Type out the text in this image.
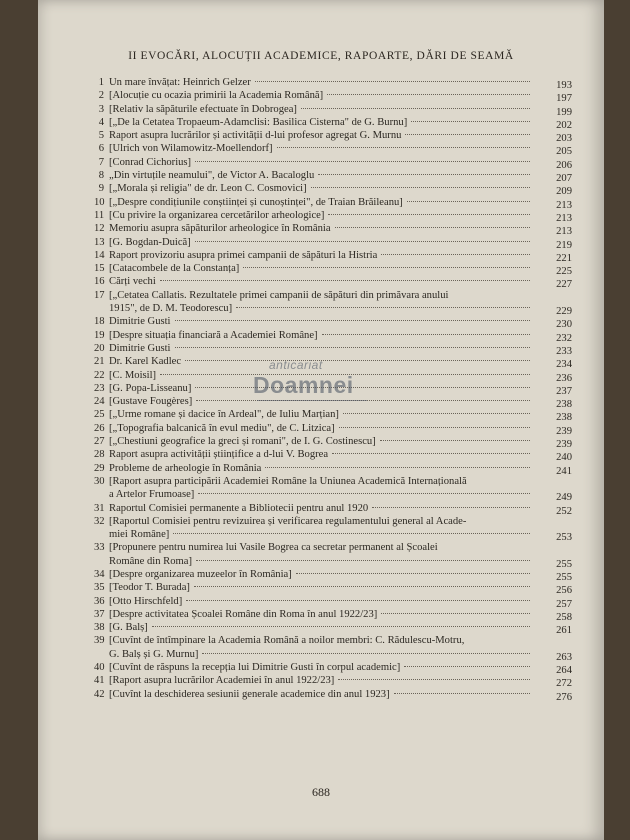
II EVOCĂRI, ALOCUȚII ACADEMICE, RAPOARTE, DĂRI DE SEAMĂ
1 Un mare învățat: Heinrich Gelzer	193
2 [Alocuție cu ocazia primirii la Academia Română]	197
3 [Relativ la săpăturile efectuate în Dobrogea]	199
4 [„De la Cetatea Tropaeum-Adamclisi: Basilica Cisterna" de G. Burnu]	202
5 Raport asupra lucrărilor și activității d-lui profesor agregat G. Murnu	203
6 [Ulrich von Wilamowitz-Moellendorf]	205
7 [Conrad Cichorius]	206
8 „Din virtuțile neamului", de Victor A. Bacaloglu	207
9 [„Morala și religia" de dr. Leon C. Cosmovici]	209
10 [„Despre condițiunile conștiinței și cunoștinței", de Traian Brăileanu]	213
11 [Cu privire la organizarea cercetărilor arheologice]	213
12 Memoriu asupra săpăturilor arheologice în România	213
13 [G. Bogdan-Duică]	219
14 Raport provizoriu asupra primei campanii de săpături la Histria	221
15 [Catacombele de la Constanța]	225
16 Cărți vechi	227
17 [„Cetatea Callatis. Rezultatele primei campanii de săpături din primăvara anului
1915", de D. M. Teodorescu]	229
18 Dimitrie Gusti	230
19 [Despre situația financiară a Academiei Române]	232
20 Dimitrie Gusti	233
21 Dr. Karel Kadlec	234
22 [C. Moisil]	236
23 [G. Popa-Lisseanu]	237
24 [Gustave Fougères]	238
25 [„Urme romane și dacice în Ardeal", de Iuliu Marțian]	238
26 [„Topografia balcanică în evul mediu", de C. Litzica]	239
27 [„Chestiuni geografice la greci și romani", de I. G. Costinescu]	239
28 Raport asupra activității științifice a d-lui V. Bogrea	240
29 Probleme de arheologie în România	241
30 [Raport asupra participării Academiei Române la Uniunea Academică Internațională
a Artelor Frumoase]	249
31 Raportul Comisiei permanente a Bibliotecii pentru anul 1920	252
32 [Raportul Comisiei pentru revizuirea și verificarea regulamentului general al Acade-
miei Române]	253
33 [Propunere pentru numirea lui Vasile Bogrea ca secretar permanent al Școalei
Române din Roma]	255
34 [Despre organizarea muzeelor în România]	255
35 [Teodor T. Burada]	256
36 [Otto Hirschfeld]	257
37 [Despre activitatea Școalei Române din Roma în anul 1922/23]	258
38 [G. Balș]	261
39 [Cuvînt de întîmpinare la Academia Română a noilor membri: C. Rădulescu-Motru,
G. Balș și G. Murnu]	263
40 [Cuvînt de răspuns la recepția lui Dimitrie Gusti în corpul academic]	264
41 [Raport asupra lucrărilor Academiei în anul 1922/23]	272
42 [Cuvînt la deschiderea sesiunii generale academice din anul 1923]	276
688
anticariat
Doamnei
